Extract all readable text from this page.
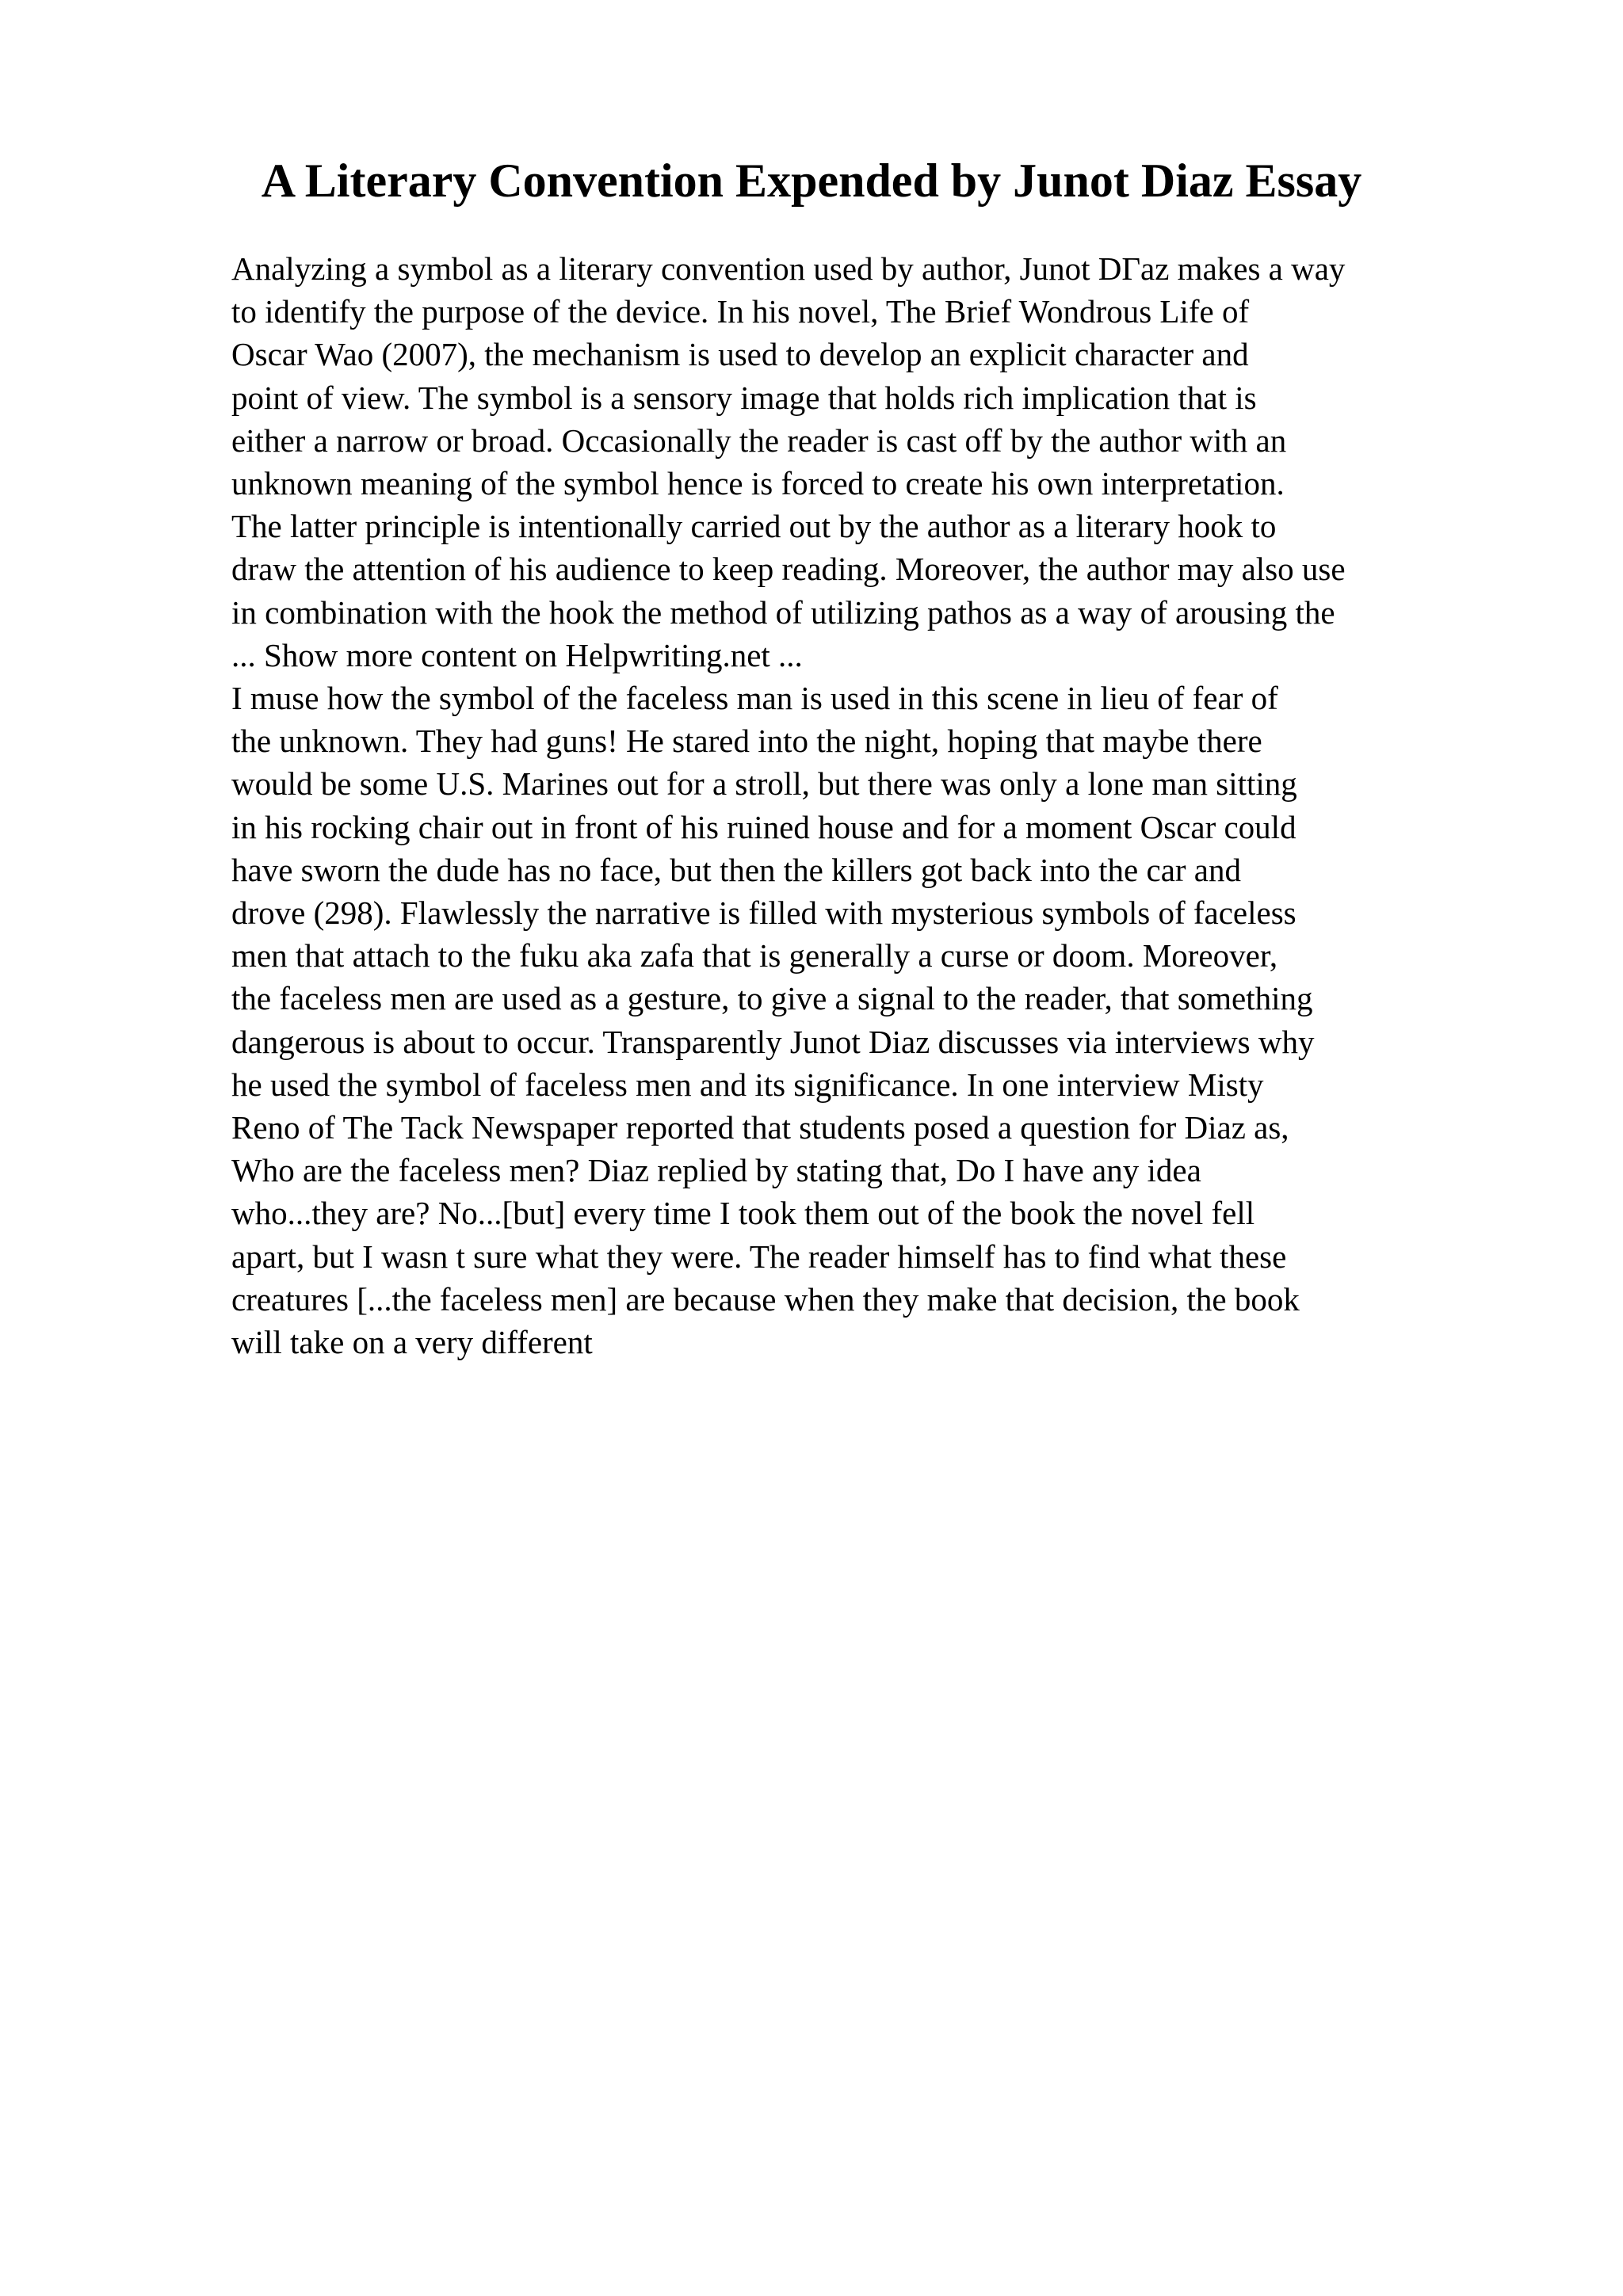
A Literary Convention Expended by Junot Diaz Essay
Analyzing a symbol as a literary convention used by author, Junot DΓaz makes a way
to identify the purpose of the device. In his novel, The Brief Wondrous Life of
Oscar Wao (2007), the mechanism is used to develop an explicit character and
point of view. The symbol is a sensory image that holds rich implication that is
either a narrow or broad. Occasionally the reader is cast off by the author with an
unknown meaning of the symbol hence is forced to create his own interpretation.
The latter principle is intentionally carried out by the author as a literary hook to
draw the attention of his audience to keep reading. Moreover, the author may also use
in combination with the hook the method of utilizing pathos as a way of arousing the
... Show more content on Helpwriting.net ...
I muse how the symbol of the faceless man is used in this scene in lieu of fear of
the unknown. They had guns! He stared into the night, hoping that maybe there
would be some U.S. Marines out for a stroll, but there was only a lone man sitting
in his rocking chair out in front of his ruined house and for a moment Oscar could
have sworn the dude has no face, but then the killers got back into the car and
drove (298). Flawlessly the narrative is filled with mysterious symbols of faceless
men that attach to the fuku aka zafa that is generally a curse or doom. Moreover,
the faceless men are used as a gesture, to give a signal to the reader, that something
dangerous is about to occur. Transparently Junot Diaz discusses via interviews why
he used the symbol of faceless men and its significance. In one interview Misty
Reno of The Tack Newspaper reported that students posed a question for Diaz as,
Who are the faceless men? Diaz replied by stating that, Do I have any idea
who...they are? No...[but] every time I took them out of the book the novel fell
apart, but I wasn t sure what they were. The reader himself has to find what these
creatures [...the faceless men] are because when they make that decision, the book
will take on a very different
